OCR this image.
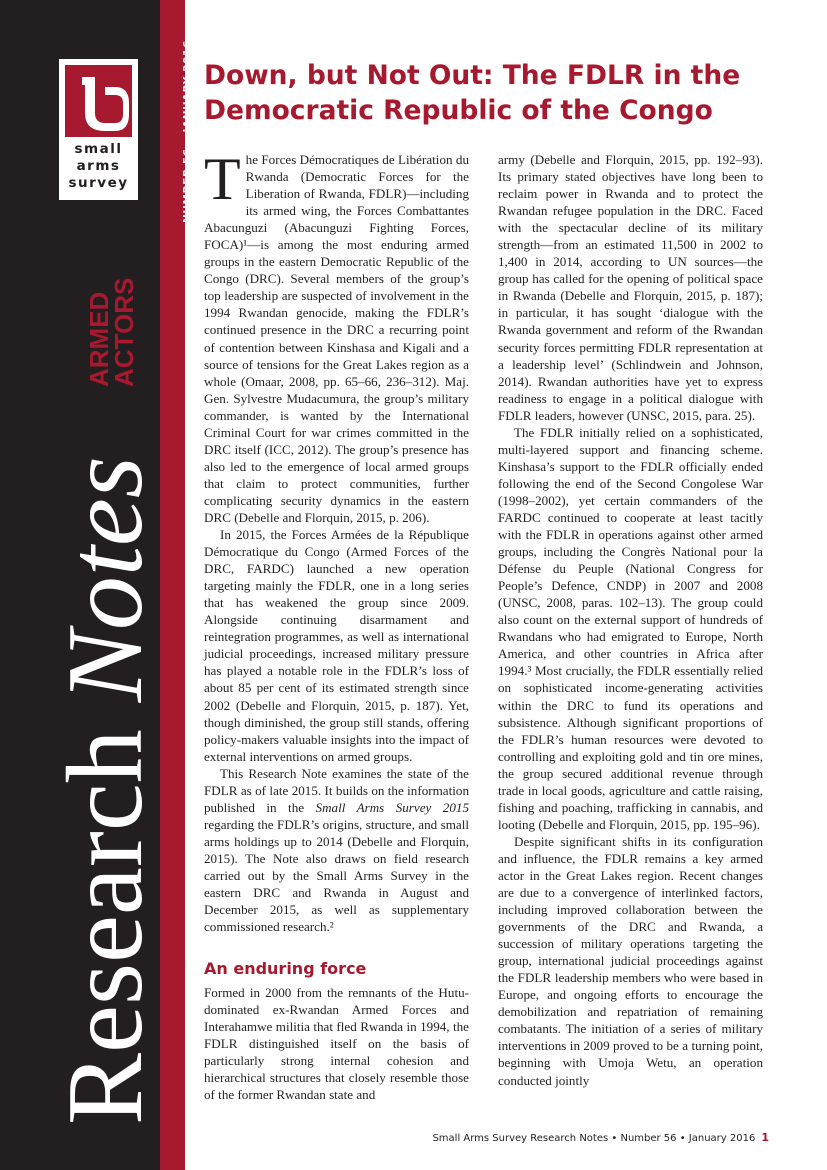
small
arms
survey	NUMBER 56 • JANUARY 2016
ARMED
ACTORS
Research Notes
Down, but Not Out: The FDLR in the Democratic Republic of the Congo

The Forces Démocratiques de Libération du Rwanda (Democratic Forces for the Liberation of Rwanda, FDLR)—including its armed wing, the Forces Combattantes Abacunguzi (Abacunguzi Fighting Forces, FOCA)¹—is among the most enduring armed groups in the eastern Democratic Republic of the Congo (DRC). Several members of the group’s top leadership are suspected of involvement in the 1994 Rwandan genocide, making the FDLR’s continued presence in the DRC a recurring point of contention between Kinshasa and Kigali and a source of tensions for the Great Lakes region as a whole (Omaar, 2008, pp. 65–66, 236–312). Maj. Gen. Sylvestre Mudacumura, the group’s military commander, is wanted by the International Criminal Court for war crimes committed in the DRC itself (ICC, 2012). The group’s presence has also led to the emergence of local armed groups that claim to protect communities, further complicating security dynamics in the eastern DRC (Debelle and Florquin, 2015, p. 206).

In 2015, the Forces Armées de la République Démocratique du Congo (Armed Forces of the DRC, FARDC) launched a new operation targeting mainly the FDLR, one in a long series that has weakened the group since 2009. Alongside continuing disarmament and reintegration programmes, as well as international judicial proceedings, increased military pressure has played a notable role in the FDLR’s loss of about 85 per cent of its estimated strength since 2002 (Debelle and Florquin, 2015, p. 187). Yet, though diminished, the group still stands, offering policy-makers valuable insights into the impact of external interventions on armed groups.

This Research Note examines the state of the FDLR as of late 2015. It builds on the information published in the Small Arms Survey 2015 regarding the FDLR’s origins, structure, and small arms holdings up to 2014 (Debelle and Florquin, 2015). The Note also draws on field research carried out by the Small Arms Survey in the eastern DRC and Rwanda in August and December 2015, as well as supplementary commissioned research.²

An enduring force

Formed in 2000 from the remnants of the Hutu-dominated ex-Rwandan Armed Forces and Interahamwe militia that fled Rwanda in 1994, the FDLR distinguished itself on the basis of particularly strong internal cohesion and hierarchical structures that closely resemble those of the former Rwandan state and

army (Debelle and Florquin, 2015, pp. 192–93). Its primary stated objectives have long been to reclaim power in Rwanda and to protect the Rwandan refugee population in the DRC. Faced with the spectacular decline of its military strength—from an estimated 11,500 in 2002 to 1,400 in 2014, according to UN sources—the group has called for the opening of political space in Rwanda (Debelle and Florquin, 2015, p. 187); in particular, it has sought ‘dialogue with the Rwanda government and reform of the Rwandan security forces permitting FDLR representation at a leadership level’ (Schlindwein and Johnson, 2014). Rwandan authorities have yet to express readiness to engage in a political dialogue with FDLR leaders, however (UNSC, 2015, para. 25).

The FDLR initially relied on a sophisticated, multi-layered support and financing scheme. Kinshasa’s support to the FDLR officially ended following the end of the Second Congolese War (1998–2002), yet certain commanders of the FARDC continued to cooperate at least tacitly with the FDLR in operations against other armed groups, including the Congrès National pour la Défense du Peuple (National Congress for People’s Defence, CNDP) in 2007 and 2008 (UNSC, 2008, paras. 102–13). The group could also count on the external support of hundreds of Rwandans who had emigrated to Europe, North America, and other countries in Africa after 1994.³ Most crucially, the FDLR essentially relied on sophisticated income-generating activities within the DRC to fund its operations and subsistence. Although significant proportions of the FDLR’s human resources were devoted to controlling and exploiting gold and tin ore mines, the group secured additional revenue through trade in local goods, agriculture and cattle raising, fishing and poaching, trafficking in cannabis, and looting (Debelle and Florquin, 2015, pp. 195–96).

Despite significant shifts in its configuration and influence, the FDLR remains a key armed actor in the Great Lakes region. Recent changes are due to a convergence of interlinked factors, including improved collaboration between the governments of the DRC and Rwanda, a succession of military operations targeting the group, international judicial proceedings against the FDLR leadership members who were based in Europe, and ongoing efforts to encourage the demobilization and repatriation of remaining combatants. The initiation of a series of military interventions in 2009 proved to be a turning point, beginning with Umoja Wetu, an operation conducted jointly

Small Arms Survey Research Notes • Number 56 • January 2016 1
